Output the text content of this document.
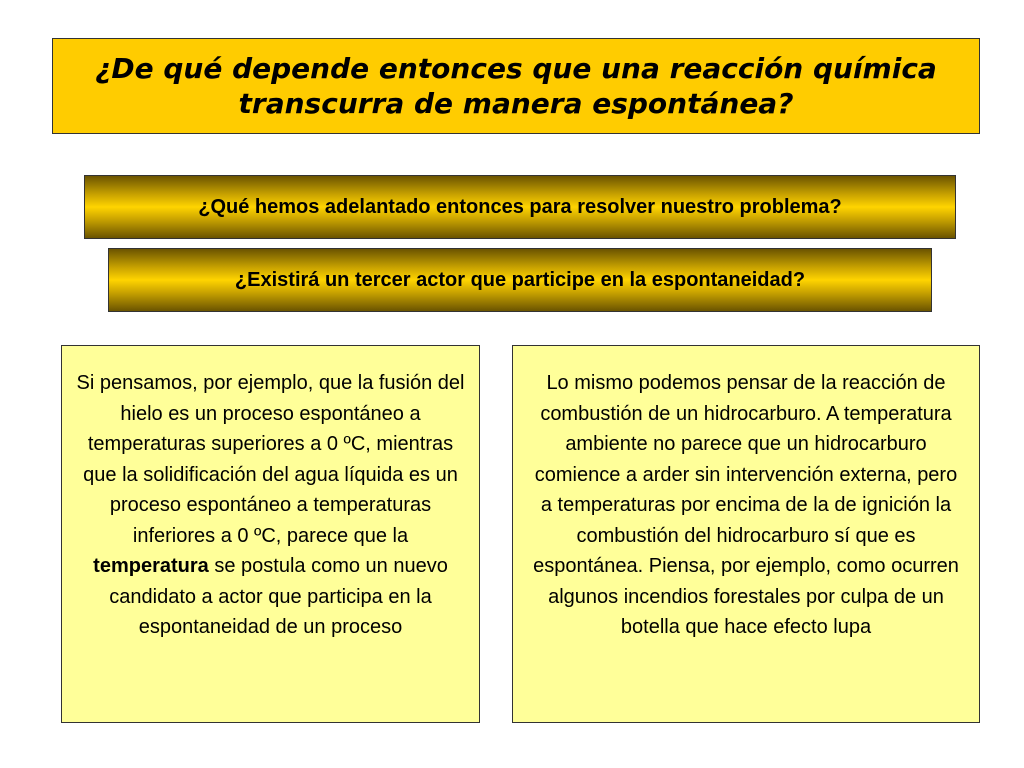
¿De qué depende entonces que una reacción química transcurra de manera espontánea?
¿Qué hemos adelantado entonces para resolver nuestro problema?
¿Existirá un tercer actor que participe en la espontaneidad?
Si pensamos, por ejemplo, que la fusión del hielo es un proceso espontáneo a temperaturas superiores a 0 ºC, mientras que la solidificación del agua líquida es un proceso espontáneo a temperaturas inferiores a 0 ºC, parece que la temperatura se postula como un nuevo candidato a actor que participa en la espontaneidad de un proceso
Lo mismo podemos pensar de la reacción de combustión de un hidrocarburo. A temperatura ambiente no parece que un hidrocarburo comience a arder sin intervención externa, pero a temperaturas por encima de la de ignición la combustión del hidrocarburo sí que es espontánea. Piensa, por ejemplo, como ocurren algunos incendios forestales por culpa de un botella que hace efecto lupa
